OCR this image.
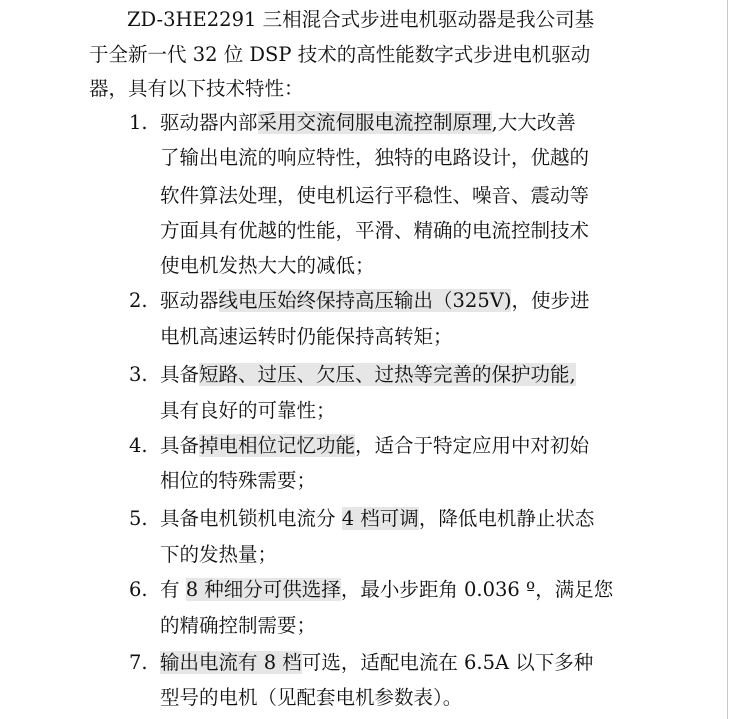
ZD-3HE2291 三相混合式步进电机驱动器是我公司基
于全新一代 32 位 DSP 技术的高性能数字式步进电机驱动
器，具有以下技术特性：
1. 驱动器内部采用交流伺服电流控制原理,大大改善
了输出电流的响应特性，独特的电路设计，优越的
软件算法处理，使电机运行平稳性、噪音、震动等
方面具有优越的性能，平滑、精确的电流控制技术
使电机发热大大的减低；
2. 驱动器线电压始终保持高压输出（325V)，使步进
电机高速运转时仍能保持高转矩；
3. 具备短路、过压、欠压、过热等完善的保护功能,
具有良好的可靠性；
4. 具备掉电相位记忆功能，适合于特定应用中对初始
相位的特殊需要；
5. 具备电机锁机电流分 4 档可调，降低电机静止状态
下的发热量；
6. 有 8 种细分可供选择，最小步距角 0.036 º，满足您
的精确控制需要；
7. 输出电流有 8 档可选，适配电流在 6.5A 以下多种
型号的电机（见配套电机参数表）。
